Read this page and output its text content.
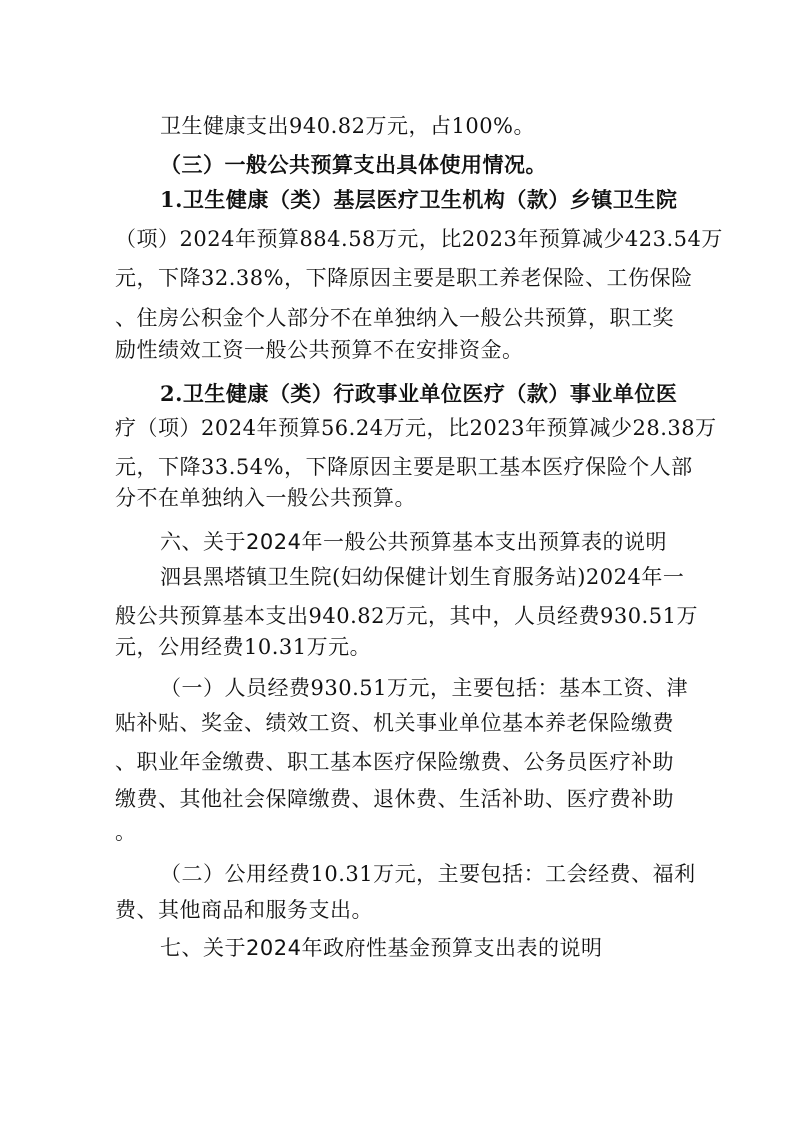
卫生健康支出940.82万元，占100%。
（三）一般公共预算支出具体使用情况。
1.卫生健康（类）基层医疗卫生机构（款）乡镇卫生院
（项）2024年预算884.58万元，比2023年预算减少423.54万
元，下降32.38%，下降原因主要是职工养老保险、工伤保险
、住房公积金个人部分不在单独纳入一般公共预算，职工奖
励性绩效工资一般公共预算不在安排资金。
2.卫生健康（类）行政事业单位医疗（款）事业单位医
疗（项）2024年预算56.24万元，比2023年预算减少28.38万
元，下降33.54%，下降原因主要是职工基本医疗保险个人部
分不在单独纳入一般公共预算。
六、关于2024年一般公共预算基本支出预算表的说明
泗县黑塔镇卫生院(妇幼保健计划生育服务站)2024年一
般公共预算基本支出940.82万元，其中，人员经费930.51万
元，公用经费10.31万元。
（一）人员经费930.51万元，主要包括：基本工资、津
贴补贴、奖金、绩效工资、机关事业单位基本养老保险缴费
、职业年金缴费、职工基本医疗保险缴费、公务员医疗补助
缴费、其他社会保障缴费、退休费、生活补助、医疗费补助
。
（二）公用经费10.31万元，主要包括：工会经费、福利
费、其他商品和服务支出。
七、关于2024年政府性基金预算支出表的说明
